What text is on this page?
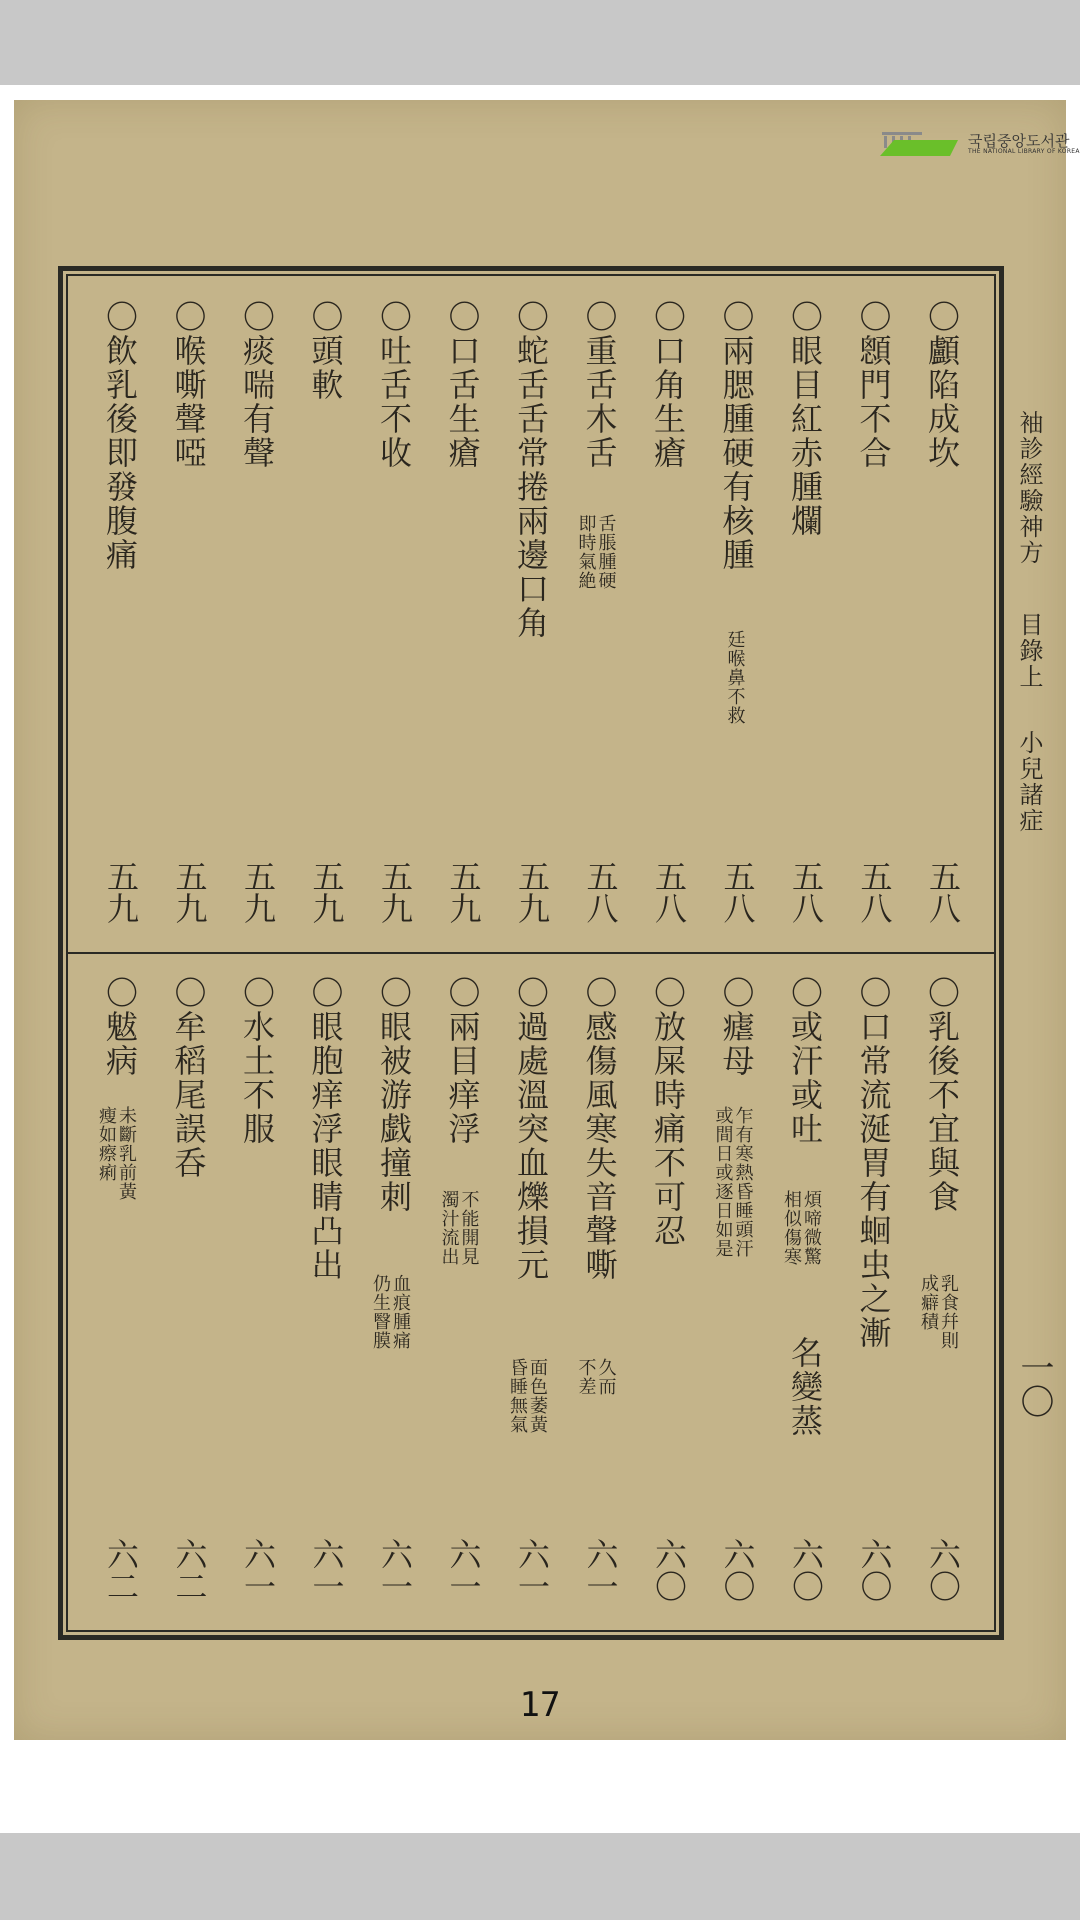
국립중앙도서관
THE NATIONAL LIBRARY OF KOREA
袖診經驗神方
目錄上
小兒諸症
一〇
〇顱陷成坎
五八
〇顖門不合
五八
〇眼目紅赤腫爛
五八
〇兩腮腫硬有核腫
廷喉鼻不救
五八
〇口角生瘡
五八
〇重舌木舌
舌脹腫硬
即時氣絶
五八
〇蛇舌舌常捲兩邊口角
五九
〇口舌生瘡
五九
〇吐舌不收
五九
〇頭軟
五九
〇痰喘有聲
五九
〇喉嘶聲啞
五九
〇飲乳後即發腹痛
五九
〇乳後不宜與食
乳食幷則
成癖積
六〇
〇口常流涎胃有蛔虫之漸
六〇
〇或汗或吐
煩啼微驚
相似傷寒
名變蒸
六〇
〇瘧母
乍有寒熱昏睡頭汗
或間日或逐日如是
六〇
〇放屎時痛不可忍
六〇
〇感傷風寒失音聲嘶
久而
不差
六一
〇過處溫突血爍損元
面色萎黃
昏睡無氣
六一
〇兩目痒浮
不能開見
濁汁流出
六一
〇眼被游戯撞刺
血痕腫痛
仍生瞖膜
六一
〇眼胞痒浮眼睛凸出
六一
〇水土不服
六一
〇牟稻尾誤呑
六二
〇魃病
未斷乳前黃
瘦如瘵痢
六二
17
